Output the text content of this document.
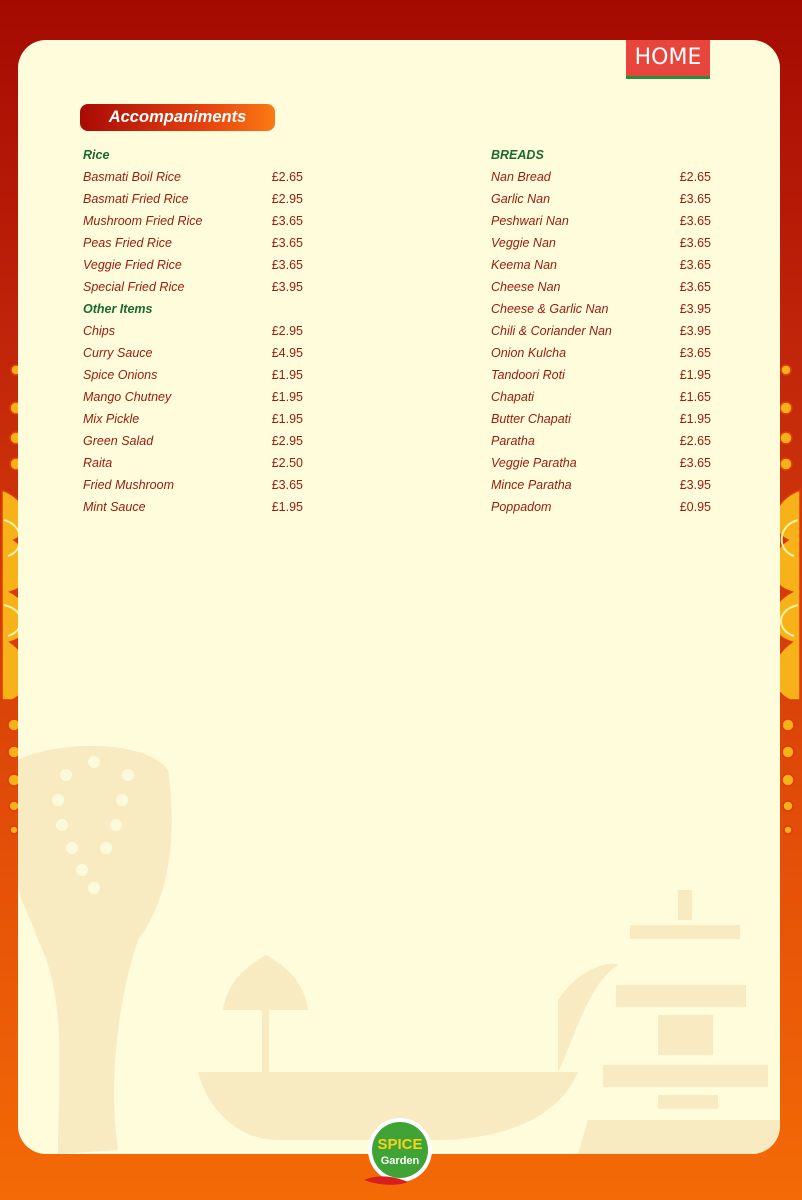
HOME
Accompaniments
Rice
Basmati Boil Rice	£2.65
Basmati Fried Rice	£2.95
Mushroom Fried Rice	£3.65
Peas Fried Rice	£3.65
Veggie Fried Rice	£3.65
Special Fried Rice	£3.95
Other Items
Chips	£2.95
Curry Sauce	£4.95
Spice Onions	£1.95
Mango Chutney	£1.95
Mix Pickle	£1.95
Green Salad	£2.95
Raita	£2.50
Fried Mushroom	£3.65
Mint Sauce	£1.95
BREADS
Nan Bread	£2.65
Garlic Nan	£3.65
Peshwari Nan	£3.65
Veggie Nan	£3.65
Keema Nan	£3.65
Cheese Nan	£3.65
Cheese & Garlic Nan	£3.95
Chili & Coriander Nan	£3.95
Onion Kulcha	£3.65
Tandoori Roti	£1.95
Chapati	£1.65
Butter Chapati	£1.95
Paratha	£2.65
Veggie Paratha	£3.65
Mince Paratha	£3.95
Poppadom	£0.95
SPICE
Garden
